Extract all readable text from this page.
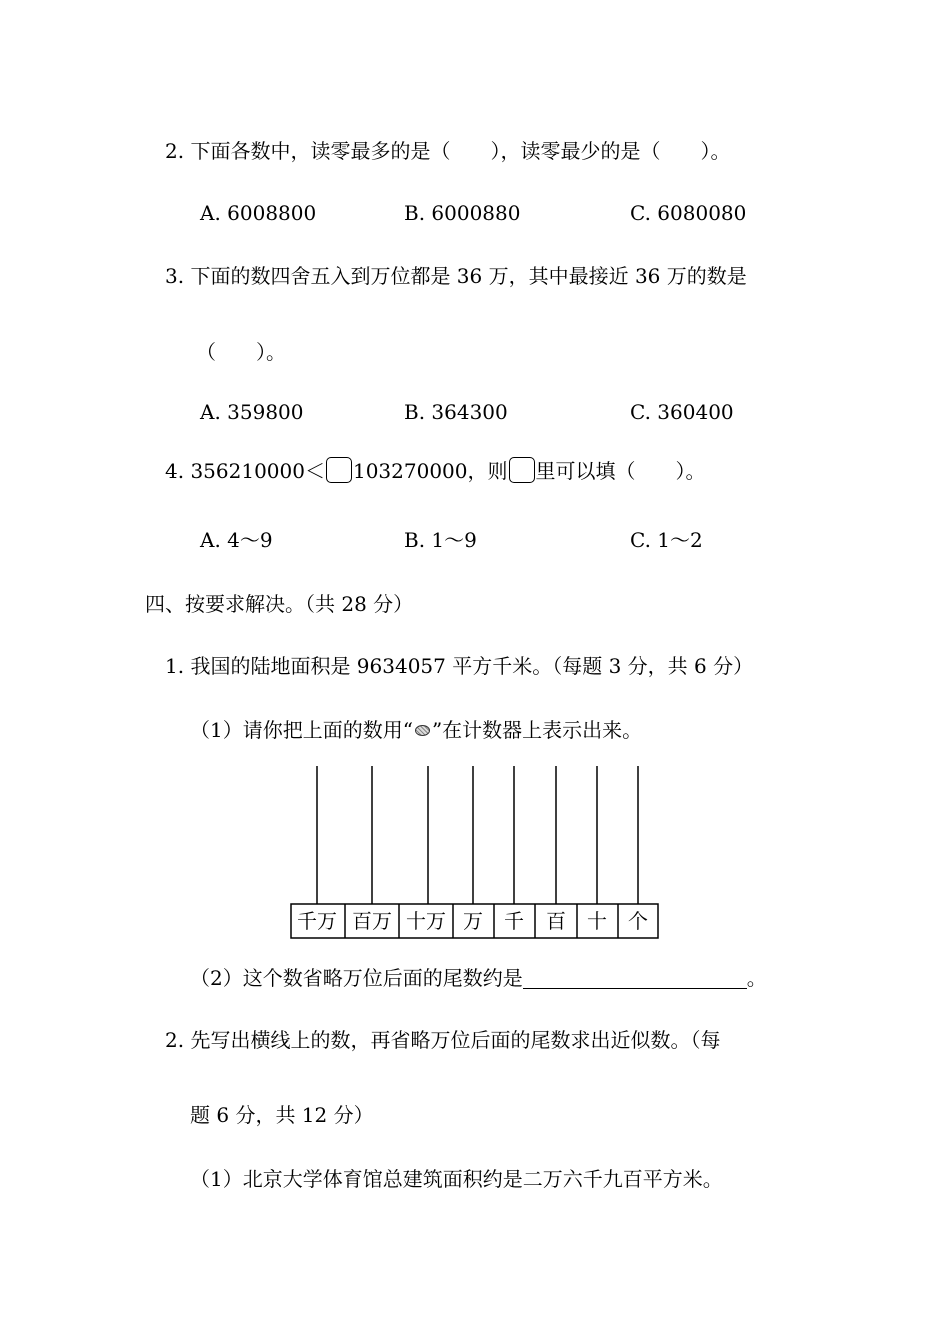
2. 下面各数中，读零最多的是（　　），读零最少的是（　　）。
A. 6008800	B. 6000880	C. 6080080
3. 下面的数四舍五入到万位都是 36 万，其中最接近 36 万的数是
（　　）。
A. 359800	B. 364300	C. 360400
4. 356210000＜ 103270000，则 里可以填（　　）。
A. 4～9	B. 1～9	C. 1～2
四、按要求解决。（共 28 分）
1. 我国的陆地面积是 9634057 平方千米。（每题 3 分，共 6 分）
（1）请你把上面的数用“ ”在计数器上表示出来。
千万 百万 十万 万 千 百 十 个
（2）这个数省略万位后面的尾数约是	。
2. 先写出横线上的数，再省略万位后面的尾数求出近似数。（每
题 6 分，共 12 分）
（1）北京大学体育馆总建筑面积约是二万六千九百平方米。
